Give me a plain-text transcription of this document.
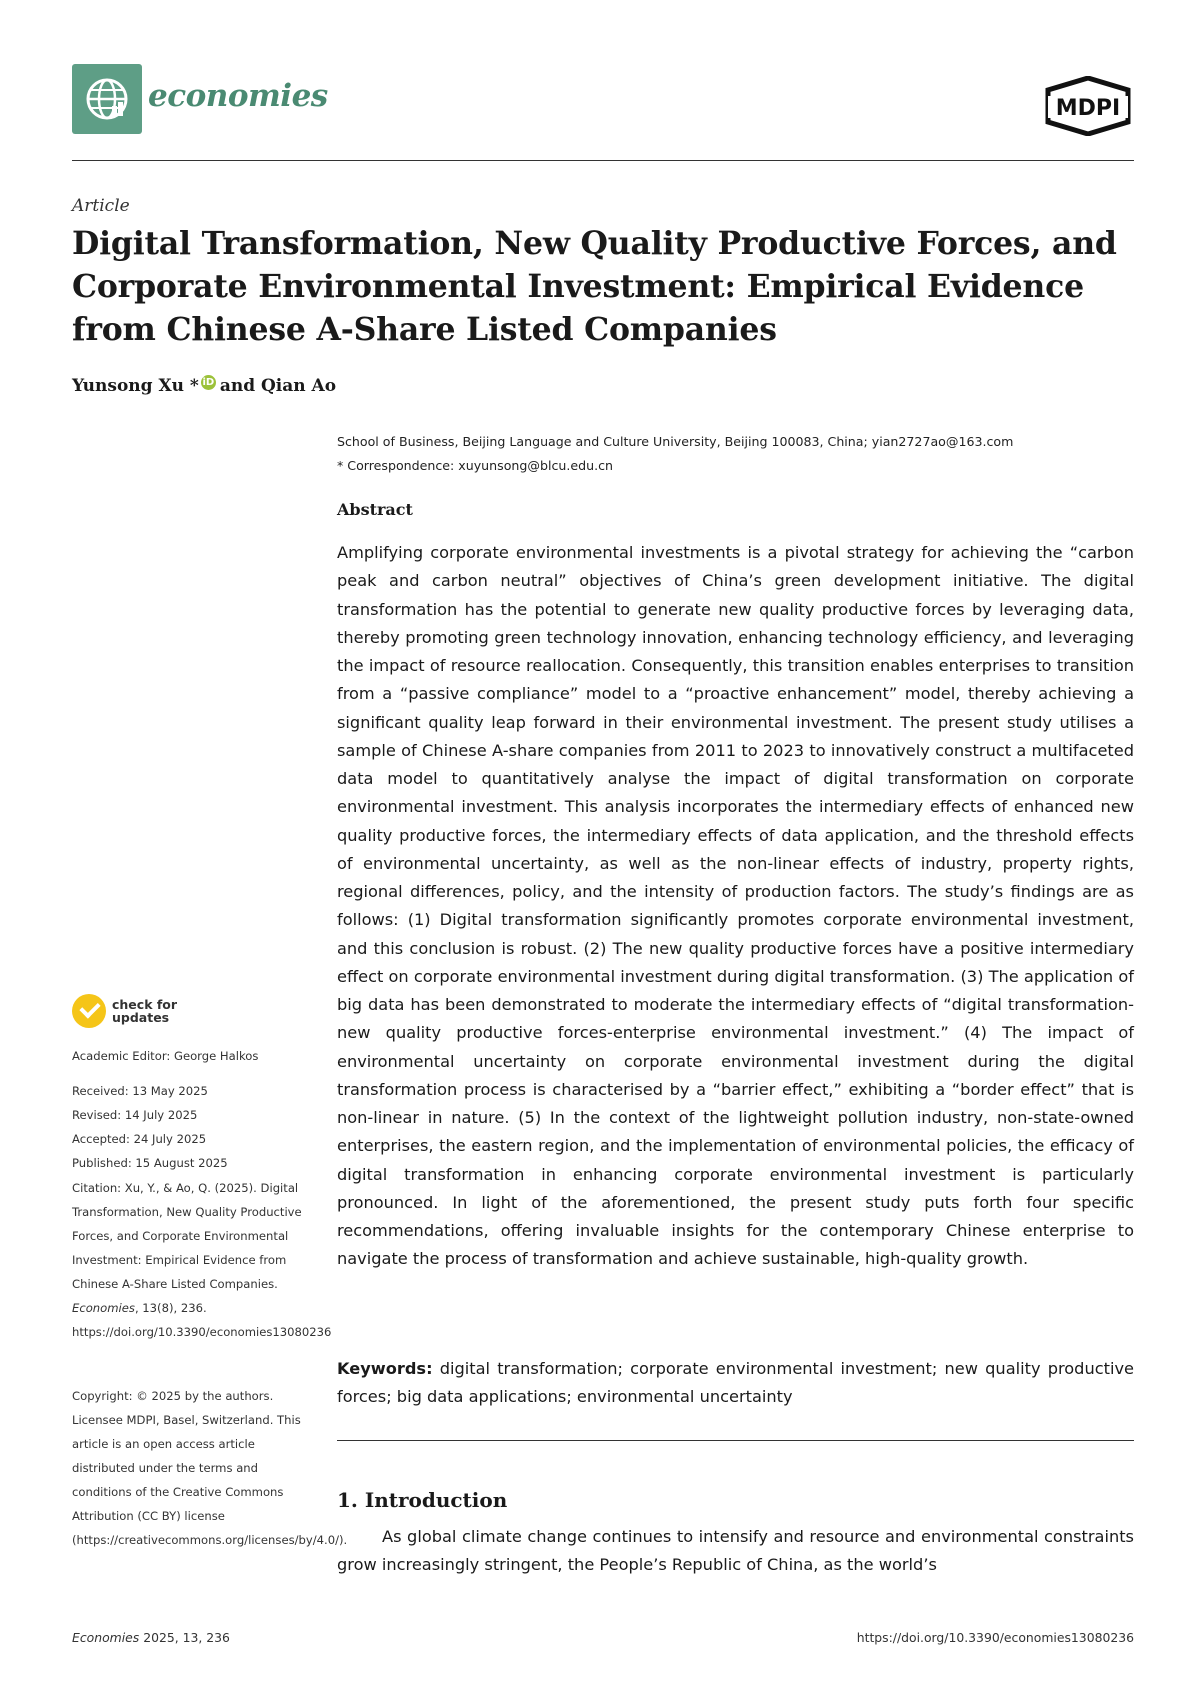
economies	MDPI
Article
Digital Transformation, New Quality Productive Forces, and Corporate Environmental Investment: Empirical Evidence from Chinese A-Share Listed Companies
Yunsong Xu * iD and Qian Ao
School of Business, Beijing Language and Culture University, Beijing 100083, China; yian2727ao@163.com
* Correspondence: xuyunsong@blcu.edu.cn
Abstract
Amplifying corporate environmental investments is a pivotal strategy for achieving the “carbon peak and carbon neutral” objectives of China’s green development initiative. The digital transformation has the potential to generate new quality productive forces by leveraging data, thereby promoting green technology innovation, enhancing technology efficiency, and leveraging the impact of resource reallocation. Consequently, this transition enables enterprises to transition from a “passive compliance” model to a “proactive enhancement” model, thereby achieving a significant quality leap forward in their environmental investment. The present study utilises a sample of Chinese A-share companies from 2011 to 2023 to innovatively construct a multifaceted data model to quantitatively analyse the impact of digital transformation on corporate environmental investment. This analysis incorporates the intermediary effects of enhanced new quality productive forces, the intermediary effects of data application, and the threshold effects of environmental uncertainty, as well as the non-linear effects of industry, property rights, regional differences, policy, and the intensity of production factors. The study’s findings are as follows: (1) Digital transformation significantly promotes corporate environmental investment, and this conclusion is robust. (2) The new quality productive forces have a positive intermediary effect on corporate environmental investment during digital transformation. (3) The application of big data has been demonstrated to moderate the intermediary effects of “digital transformation-new quality productive forces-enterprise environmental investment.” (4) The impact of environmental uncertainty on corporate environmental investment during the digital transformation process is characterised by a “barrier effect,” exhibiting a “border effect” that is non-linear in nature. (5) In the context of the lightweight pollution industry, non-state-owned enterprises, the eastern region, and the implementation of environmental policies, the efficacy of digital transformation in enhancing corporate environmental investment is particularly pronounced. In light of the aforementioned, the present study puts forth four specific recommendations, offering invaluable insights for the contemporary Chinese enterprise to navigate the process of transformation and achieve sustainable, high-quality growth.
Keywords: digital transformation; corporate environmental investment; new quality productive forces; big data applications; environmental uncertainty
1. Introduction
As global climate change continues to intensify and resource and environmental constraints grow increasingly stringent, the People’s Republic of China, as the world’s
check for
updates
Academic Editor: George Halkos
Received: 13 May 2025
Revised: 14 July 2025
Accepted: 24 July 2025
Published: 15 August 2025
Citation: Xu, Y., & Ao, Q. (2025). Digital Transformation, New Quality Productive Forces, and Corporate Environmental Investment: Empirical Evidence from Chinese A-Share Listed Companies. Economies, 13(8), 236. https://doi.org/10.3390/economies13080236
Copyright: © 2025 by the authors. Licensee MDPI, Basel, Switzerland. This article is an open access article distributed under the terms and conditions of the Creative Commons Attribution (CC BY) license (https://creativecommons.org/licenses/by/4.0/).
Economies 2025, 13, 236	https://doi.org/10.3390/economies13080236
